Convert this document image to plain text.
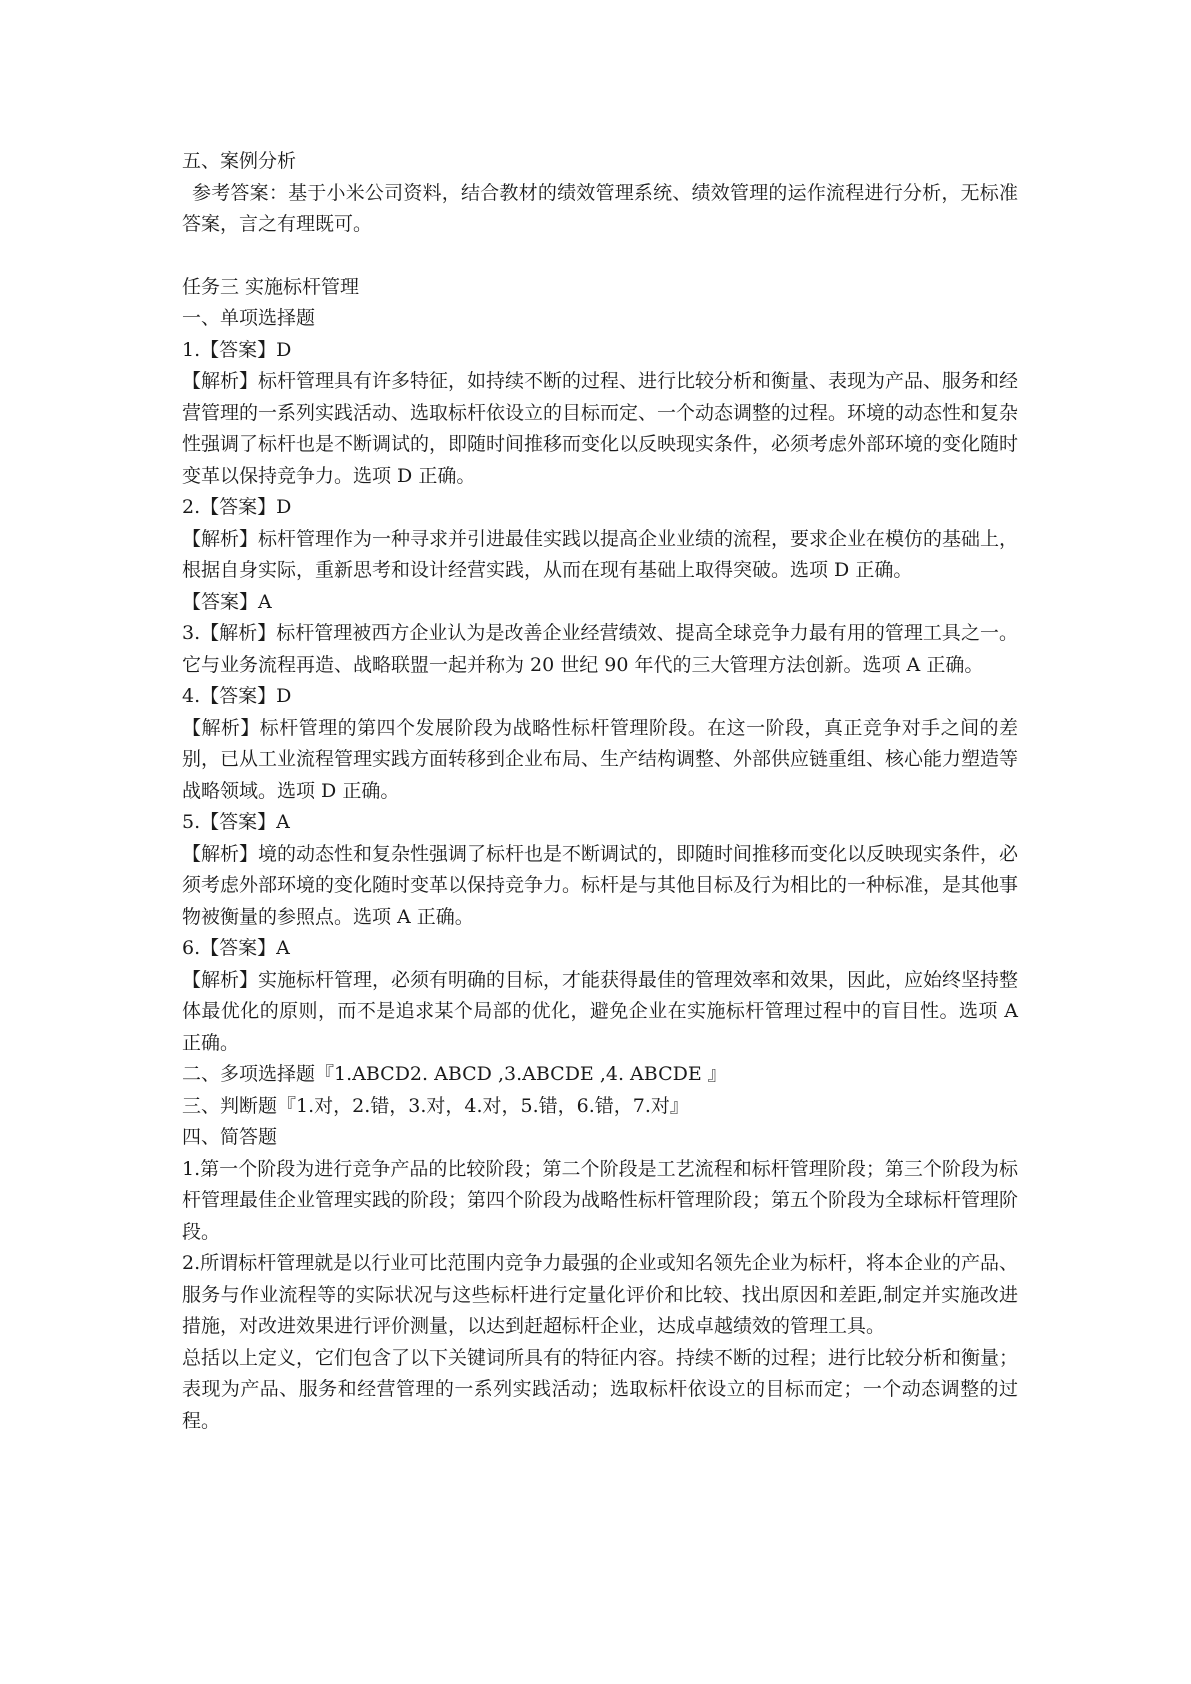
五、案例分析

参考答案：基于小米公司资料，结合教材的绩效管理系统、绩效管理的运作流程进行分析，无标准答案，言之有理既可。

任务三 实施标杆管理

一、单项选择题

1.【答案】D

【解析】标杆管理具有许多特征，如持续不断的过程、进行比较分析和衡量、表现为产品、服务和经营管理的一系列实践活动、选取标杆依设立的目标而定、一个动态调整的过程。环境的动态性和复杂性强调了标杆也是不断调试的，即随时间推移而变化以反映现实条件，必须考虑外部环境的变化随时变革以保持竞争力。选项 D 正确。

2.【答案】D

【解析】标杆管理作为一种寻求并引进最佳实践以提高企业业绩的流程，要求企业在模仿的基础上，根据自身实际，重新思考和设计经营实践，从而在现有基础上取得突破。选项 D 正确。

【答案】A

3.【解析】标杆管理被西方企业认为是改善企业经营绩效、提高全球竞争力最有用的管理工具之一。它与业务流程再造、战略联盟一起并称为 20 世纪 90 年代的三大管理方法创新。选项 A 正确。

4.【答案】D

【解析】标杆管理的第四个发展阶段为战略性标杆管理阶段。在这一阶段，真正竞争对手之间的差别，已从工业流程管理实践方面转移到企业布局、生产结构调整、外部供应链重组、核心能力塑造等战略领域。选项 D 正确。

5.【答案】A

【解析】境的动态性和复杂性强调了标杆也是不断调试的，即随时间推移而变化以反映现实条件，必须考虑外部环境的变化随时变革以保持竞争力。标杆是与其他目标及行为相比的一种标准，是其他事物被衡量的参照点。选项 A 正确。

6.【答案】A

【解析】实施标杆管理，必须有明确的目标，才能获得最佳的管理效率和效果，因此，应始终坚持整体最优化的原则，而不是追求某个局部的优化，避免企业在实施标杆管理过程中的盲目性。选项 A 正确。

二、多项选择题『1.ABCD2. ABCD ,3.ABCDE ,4. ABCDE 』

三、判断题『1.对，2.错，3.对，4.对，5.错，6.错，7.对』

四、简答题

1.第一个阶段为进行竞争产品的比较阶段；第二个阶段是工艺流程和标杆管理阶段；第三个阶段为标杆管理最佳企业管理实践的阶段；第四个阶段为战略性标杆管理阶段；第五个阶段为全球标杆管理阶段。

2.所谓标杆管理就是以行业可比范围内竞争力最强的企业或知名领先企业为标杆，将本企业的产品、服务与作业流程等的实际状况与这些标杆进行定量化评价和比较、找出原因和差距,制定并实施改进措施，对改进效果进行评价测量，以达到赶超标杆企业，达成卓越绩效的管理工具。

总括以上定义，它们包含了以下关键词所具有的特征内容。持续不断的过程；进行比较分析和衡量；表现为产品、服务和经营管理的一系列实践活动；选取标杆依设立的目标而定；一个动态调整的过程。
